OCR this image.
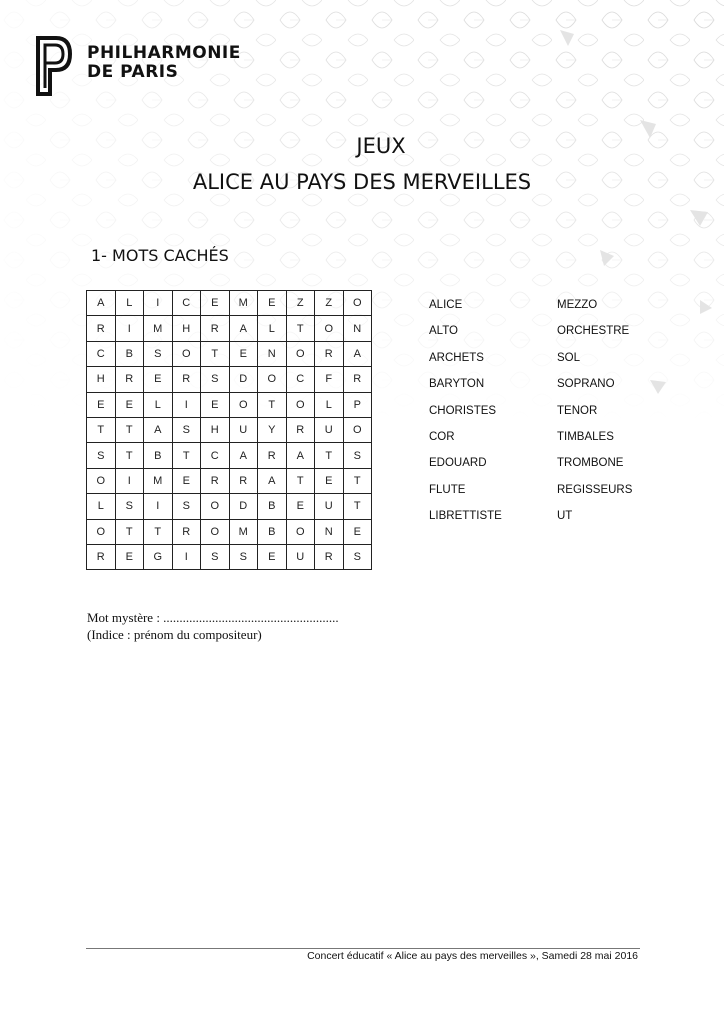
PHILHARMONIE
DE PARIS
JEUX
ALICE AU PAYS DES MERVEILLES
1- MOTS CACHÉS
A	L	I	C	E	M	E	Z	Z	O
R	I	M	H	R	A	L	T	O	N
C	B	S	O	T	E	N	O	R	A
H	R	E	R	S	D	O	C	F	R
E	E	L	I	E	O	T	O	L	P
T	T	A	S	H	U	Y	R	U	O
S	T	B	T	C	A	R	A	T	S
O	I	M	E	R	R	A	T	E	T
L	S	I	S	O	D	B	E	U	T
O	T	T	R	O	M	B	O	N	E
R	E	G	I	S	S	E	U	R	S
ALICE
ALTO
ARCHETS
BARYTON
CHORISTES
COR
EDOUARD
FLUTE
LIBRETTISTE
MEZZO
ORCHESTRE
SOL
SOPRANO
TENOR
TIMBALES
TROMBONE
REGISSEURS
UT
Mot mystère : ......................................................
(Indice : prénom du compositeur)
Concert éducatif « Alice au pays des merveilles », Samedi 28 mai 2016
